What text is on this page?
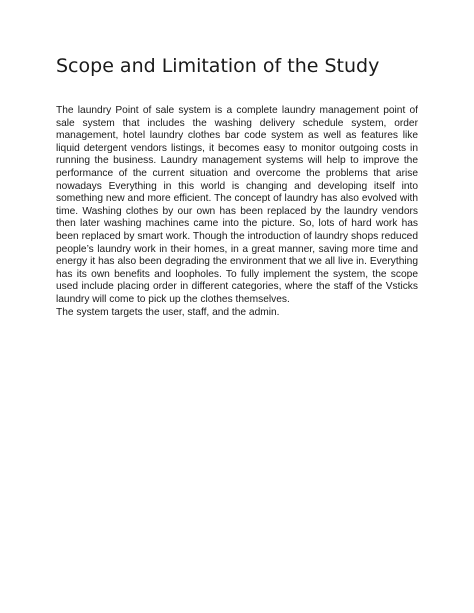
Scope and Limitation of the Study

The laundry Point of sale system is a complete laundry management point of sale system that includes the washing delivery schedule system, order management, hotel laundry clothes bar code system as well as features like liquid detergent vendors listings, it becomes easy to monitor outgoing costs in running the business. Laundry management systems will help to improve the performance of the current situation and overcome the problems that arise nowadays Everything in this world is changing and developing itself into something new and more efficient. The concept of laundry has also evolved with time. Washing clothes by our own has been replaced by the laundry vendors then later washing machines came into the picture. So, lots of hard work has been replaced by smart work. Though the introduction of laundry shops reduced people’s laundry work in their homes, in a great manner, saving more time and energy it has also been degrading the environment that we all live in. Everything has its own benefits and loopholes. To fully implement the system, the scope used include placing order in different categories, where the staff of the Vsticks laundry will come to pick up the clothes themselves.

The system targets the user, staff, and the admin.
